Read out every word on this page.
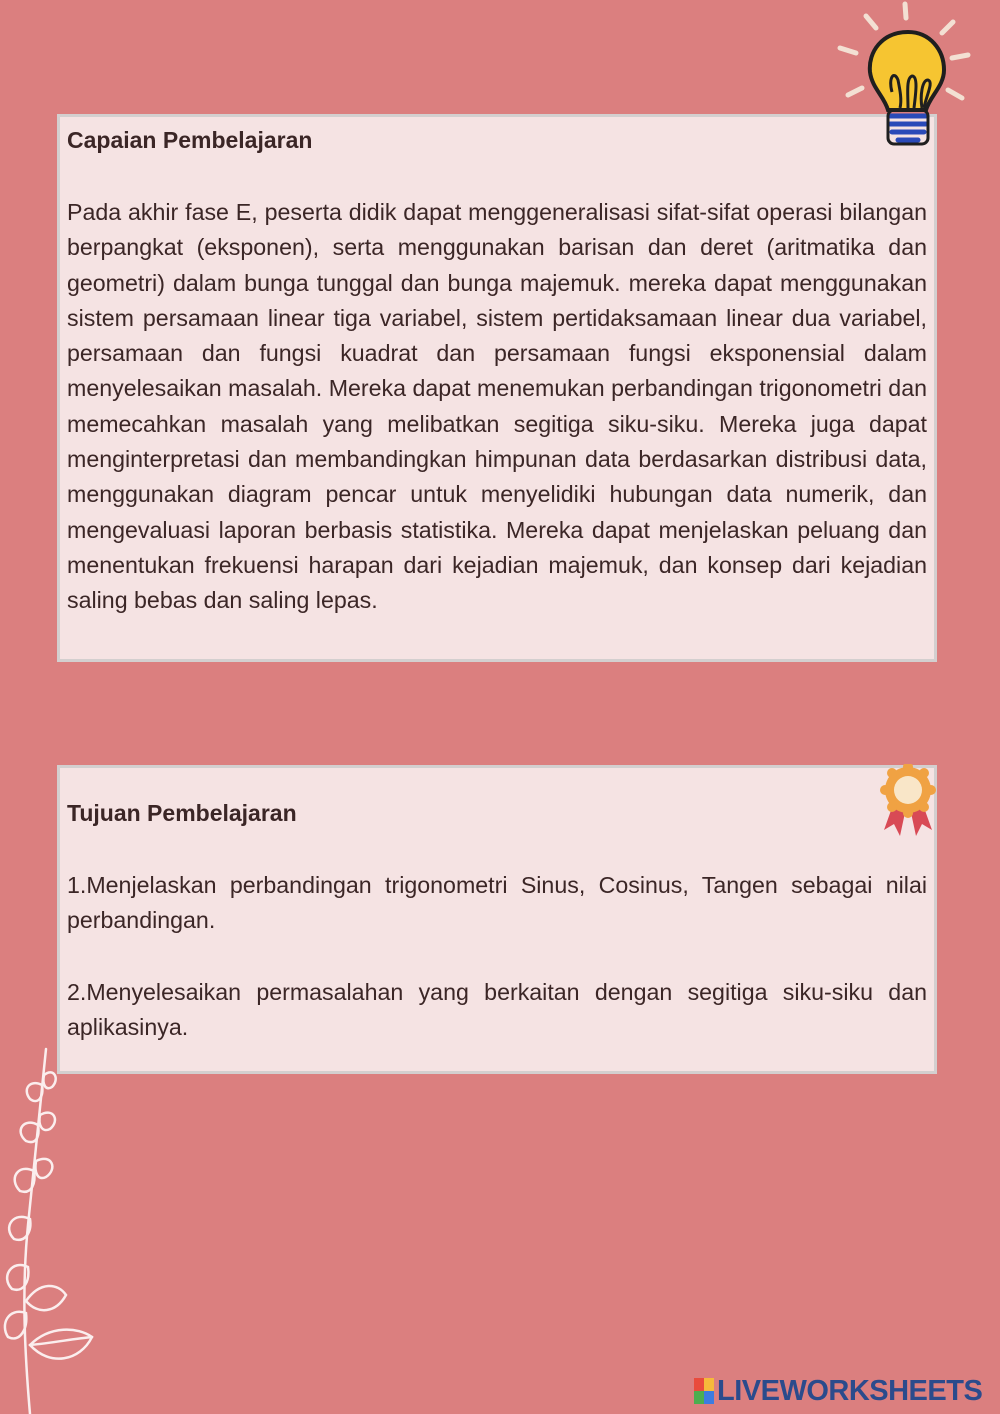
Capaian Pembelajaran

Pada akhir fase E, peserta didik dapat menggeneralisasi sifat-sifat operasi bilangan  berpangkat (eksponen), serta menggunakan barisan dan deret (aritmatika dan geometri) dalam bunga tunggal dan bunga majemuk. mereka dapat menggunakan sistem persamaan linear tiga variabel, sistem pertidaksamaan linear dua variabel, persamaan dan fungsi kuadrat dan persamaan fungsi eksponensial dalam menyelesaikan masalah. Mereka dapat menemukan perbandingan trigonometri dan memecahkan masalah yang melibatkan segitiga siku-siku. Mereka juga dapat menginterpretasi dan membandingkan himpunan data berdasarkan distribusi data, menggunakan diagram pencar untuk menyelidiki hubungan data numerik, dan mengevaluasi laporan berbasis statistika. Mereka dapat menjelaskan peluang dan menentukan frekuensi harapan dari kejadian majemuk, dan konsep dari kejadian saling bebas dan saling lepas.

Tujuan Pembelajaran

1.Menjelaskan perbandingan trigonometri Sinus, Cosinus, Tangen sebagai nilai perbandingan.

2.Menyelesaikan permasalahan yang berkaitan dengan segitiga siku-siku dan aplikasinya.

LIVEWORKSHEETS
